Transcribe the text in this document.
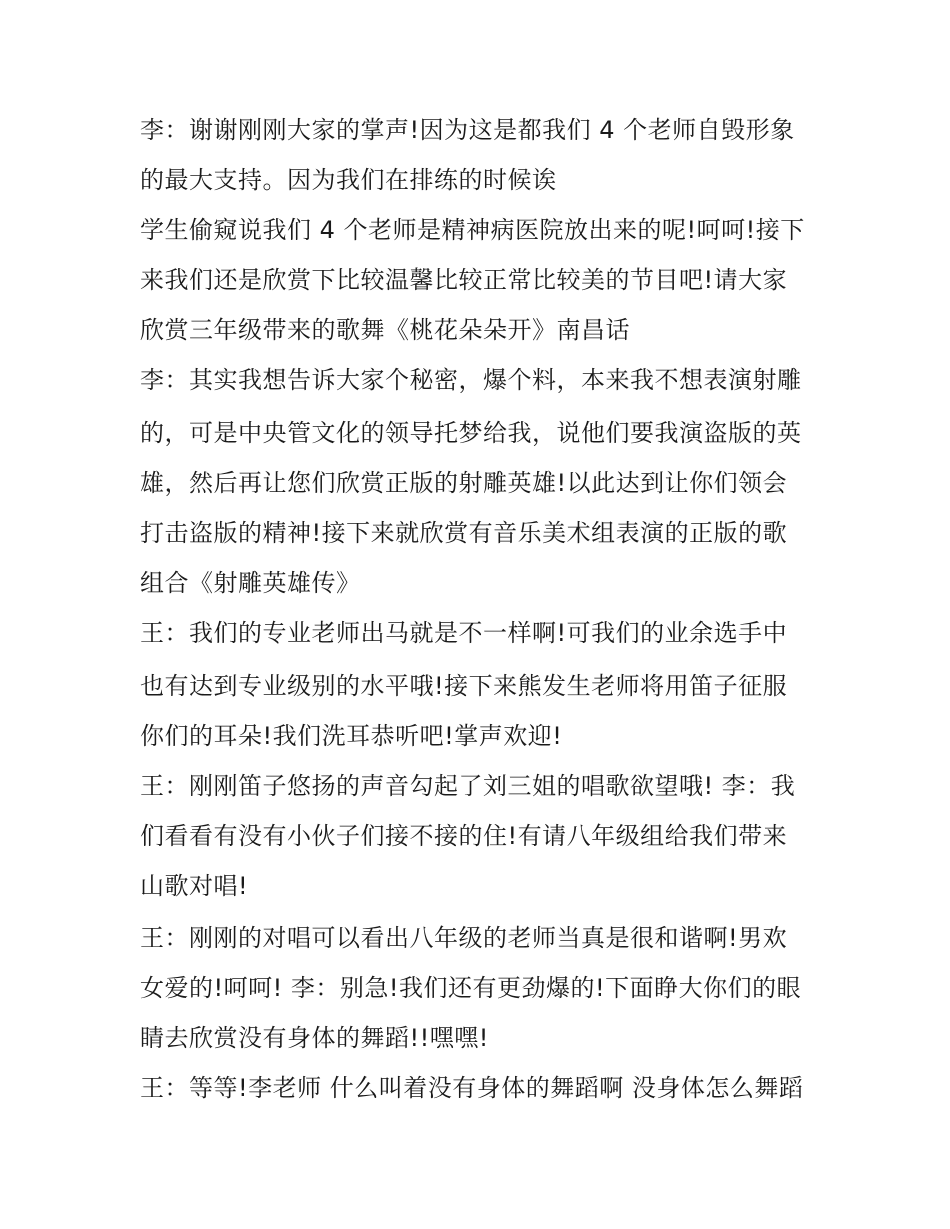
李：谢谢刚刚大家的掌声!因为这是都我们 4 个老师自毁形象
的最大支持。因为我们在排练的时候诶
学生偷窥说我们 4 个老师是精神病医院放出来的呢!呵呵!接下
来我们还是欣赏下比较温馨比较正常比较美的节目吧!请大家
欣赏三年级带来的歌舞《桃花朵朵开》南昌话
李：其实我想告诉大家个秘密，爆个料，本来我不想表演射雕
的，可是中央管文化的领导托梦给我，说他们要我演盗版的英
雄，然后再让您们欣赏正版的射雕英雄!以此达到让你们领会
打击盗版的精神!接下来就欣赏有音乐美术组表演的正版的歌
组合《射雕英雄传》
王：我们的专业老师出马就是不一样啊!可我们的业余选手中
也有达到专业级别的水平哦!接下来熊发生老师将用笛子征服
你们的耳朵!我们洗耳恭听吧!掌声欢迎!
王：刚刚笛子悠扬的声音勾起了刘三姐的唱歌欲望哦! 李：我
们看看有没有小伙子们接不接的住!有请八年级组给我们带来
山歌对唱!
王：刚刚的对唱可以看出八年级的老师当真是很和谐啊!男欢
女爱的!呵呵! 李：别急!我们还有更劲爆的!下面睁大你们的眼
睛去欣赏没有身体的舞蹈!!嘿嘿!
王：等等!李老师 什么叫着没有身体的舞蹈啊 没身体怎么舞蹈
